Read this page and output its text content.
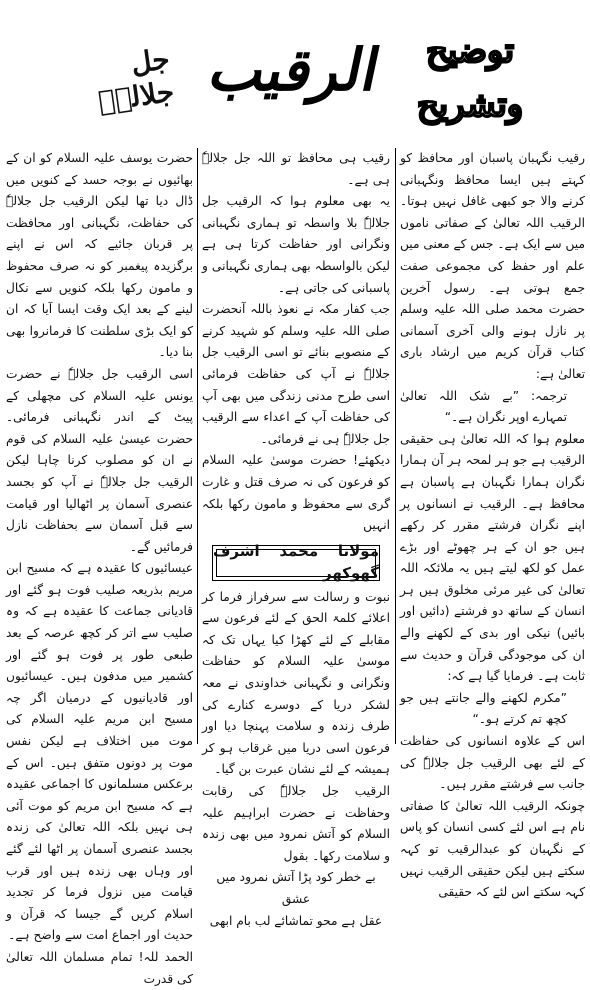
توضیح
وتشریح
الرقیب
جل جلالہٗ

رقیب نگہبان پاسبان اور محافظ کو کہتے ہیں ایسا محافظ ونگہبانی کرنے والا جو کبھی غافل نہیں ہوتا۔ الرقیب اللہ تعالیٰ کے صفاتی ناموں میں سے ایک ہے۔ جس کے معنی میں علم اور حفظ کی مجموعی صفت جمع ہوتی ہے۔ رسول آخرین حضرت محمد صلی اللہ علیہ وسلم پر نازل ہونے والی آخری آسمانی کتاب قرآن کریم میں ارشاد باری تعالیٰ ہے:

ترجمہ: ”بے شک اللہ تعالیٰ تمہارے اوپر نگران ہے۔“

معلوم ہوا کہ اللہ تعالیٰ ہی حقیقی الرقیب ہے جو ہر لمحہ ہر آن ہمارا نگران ہمارا نگہبان ہے پاسبان ہے محافظ ہے۔ الرقیب نے انسانوں پر اپنے نگران فرشتے مقرر کر رکھے ہیں جو ان کے ہر چھوٹے اور بڑے عمل کو لکھ لیتے ہیں یہ ملائکہ اللہ تعالیٰ کی غیر مرئی مخلوق ہیں ہر انسان کے ساتھ دو فرشتے (دائیں اور بائیں) نیکی اور بدی کے لکھنے والے ان کی موجودگی قرآن و حدیث سے ثابت ہے۔ فرمایا گیا ہے کہ:

”مکرم لکھنے والے جانتے ہیں جو کچھ تم کرتے ہو۔“

اس کے علاوہ انسانوں کی حفاظت کے لئے بھی الرقیب جل جلالہٗ کی جانب سے فرشتے مقرر ہیں۔

چونکہ الرقیب اللہ تعالیٰ کا صفاتی نام ہے اس لئے کسی انسان کو پاس کے نگہبان کو عبدالرقیب تو کہہ سکتے ہیں لیکن حقیقی الرقیب نہیں کہہ سکتے اس لئے کہ حقیقی

رقیب ہی محافظ تو اللہ جل جلالہٗ ہی ہے۔

یہ بھی معلوم ہوا کہ الرقیب جل جلالہٗ بلا واسطہ تو ہماری نگہبانی ونگرانی اور حفاظت کرتا ہی ہے لیکن بالواسطہ بھی ہماری نگہبانی و پاسبانی کی جاتی ہے۔

جب کفار مکہ نے نعوذ باللہ آنحضرت صلی اللہ علیہ وسلم کو شہید کرنے کے منصوبے بنائے تو اسی الرقیب جل جلالہٗ نے آپ کی حفاظت فرمائی اسی طرح مدنی زندگی میں بھی آپ کی حفاظت آپ کے اعداء سے الرقیب جل جلالہٗ ہی نے فرمائی۔

دیکھئے! حضرت موسیٰ علیہ السلام کو فرعون کی نہ صرف قتل و غارت گری سے محفوظ و مامون رکھا بلکہ انہیں

مولانا محمد اشرف گھوکھر

نبوت و رسالت سے سرفراز فرما کر اعلائے کلمۃ الحق کے لئے فرعون سے مقابلے کے لئے کھڑا کیا یہاں تک کہ موسیٰ علیہ السلام کو حفاظت ونگرانی و نگہبانی خداوندی نے معہ لشکر دریا کے دوسرے کنارے کی طرف زندہ و سلامت پہنچا دیا اور فرعون اسی دریا میں غرقاب ہو کر ہمیشہ کے لئے نشان عبرت بن گیا۔

الرقیب جل جلالہٗ کی رقابت وحفاظت نے حضرت ابراہیم علیہ السلام کو آتش نمرود میں بھی زندہ و سلامت رکھا۔ بقول

بے خطر کود پڑا آتش نمرود میں عشق

عقل ہے محو تماشائے لب بام ابھی

حضرت یوسف علیہ السلام کو ان کے بھائیوں نے بوجہ حسد کے کنویں میں ڈال دیا تھا لیکن الرقیب جل جلالہٗ کی حفاظت، نگہبانی اور محافظت پر قربان جائیے کہ اس نے اپنے برگزیدہ پیغمبر کو نہ صرف محفوظ و مامون رکھا بلکہ کنویں سے نکال لینے کے بعد ایک وقت ایسا آیا کہ ان کو ایک بڑی سلطنت کا فرمانروا بھی بنا دیا۔

اسی الرقیب جل جلالہٗ نے حضرت یونس علیہ السلام کی مچھلی کے پیٹ کے اندر نگہبانی فرمائی۔ حضرت عیسیٰ علیہ السلام کی قوم نے ان کو مصلوب کرنا چاہا لیکن الرقیب جل جلالہٗ نے آپ کو بجسد عنصری آسمان پر اٹھالیا اور قیامت سے قبل آسمان سے بحفاظت نازل فرمائیں گے۔

عیسائیوں کا عقیدہ ہے کہ مسیح ابن مریم بذریعہ صلیب فوت ہو گئے اور قادیانی جماعت کا عقیدہ ہے کہ وہ صلیب سے اتر کر کچھ عرصہ کے بعد طبعی طور پر فوت ہو گئے اور کشمیر میں مدفون ہیں۔ عیسائیوں اور قادیانیوں کے درمیان اگر چہ مسیح ابن مریم علیہ السلام کی موت میں اختلاف ہے لیکن نفس موت پر دونوں متفق ہیں۔ اس کے برعکس مسلمانوں کا اجماعی عقیدہ ہے کہ مسیح ابن مریم کو موت آئی ہی نہیں بلکہ اللہ تعالیٰ کی زندہ بجسد عنصری آسمان پر اٹھا لئے گئے اور وہاں بھی زندہ ہیں اور قرب قیامت میں نزول فرما کر تجدید اسلام کریں گے جیسا کہ قرآن و حدیث اور اجماع امت سے واضح ہے۔

الحمد للہ! تمام مسلمان اللہ تعالیٰ کی قدرت
